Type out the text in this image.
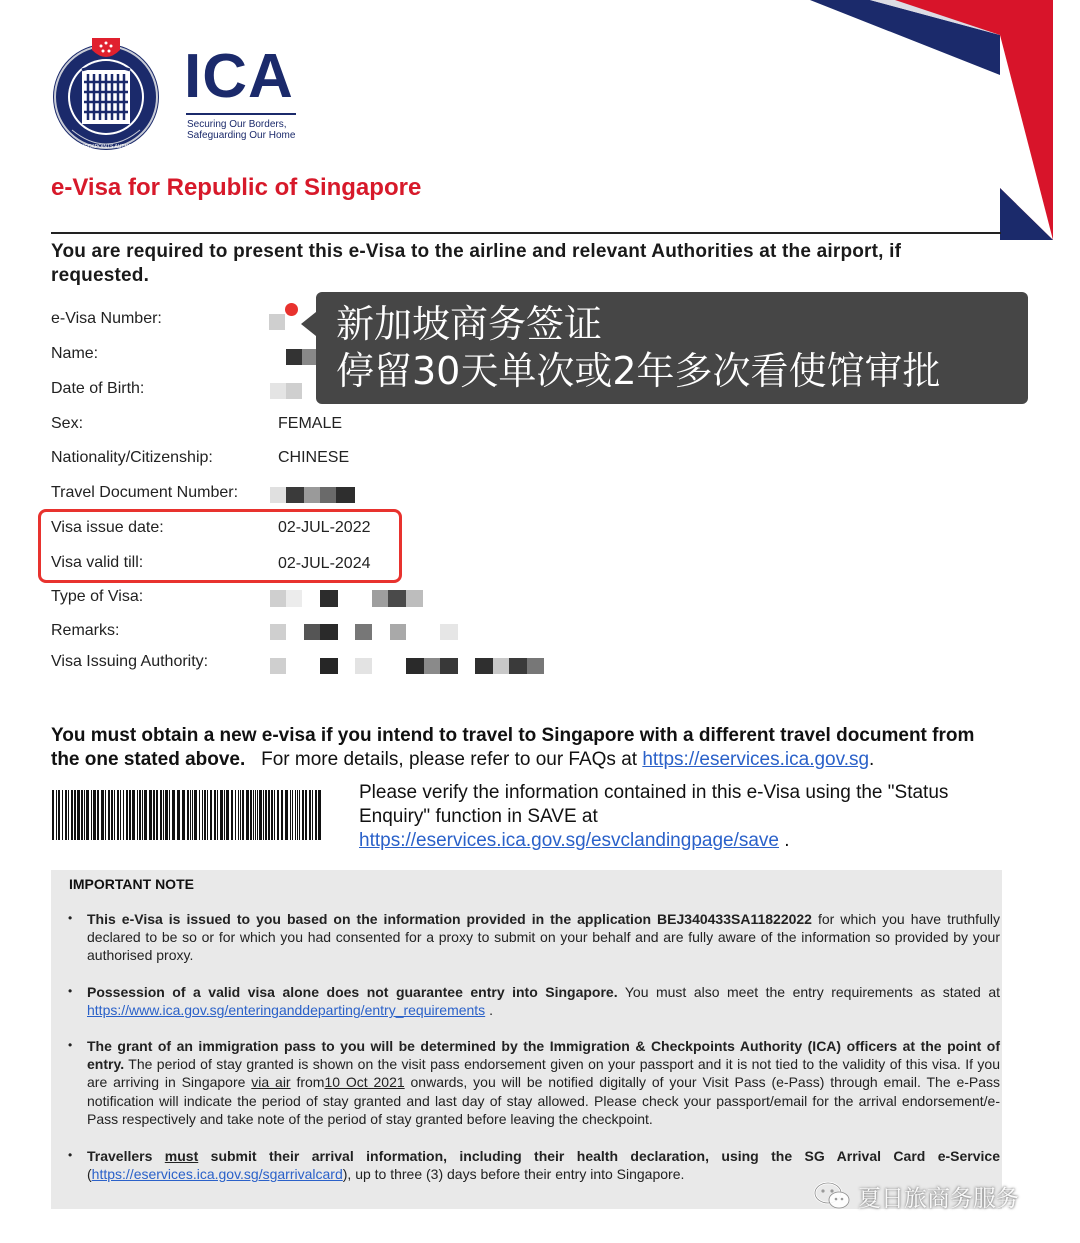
IMMIGRATION & CHECKPOINTS AUTHORITY SINGAPORE
ICA
Securing Our Borders,
Safeguarding Our Home
e-Visa for Republic of Singapore
You are required to present this e-Visa to the airline and relevant Authorities at the airport, if requested.
e-Visa Number:
Name:
Date of Birth:
Sex:	FEMALE
Nationality/Citizenship:	CHINESE
Travel Document Number:
Visa issue date:	02-JUL-2022
Visa valid till:	02-JUL-2024
Type of Visa:
Remarks:
Visa Issuing Authority:
新加坡商务签证
停留30天单次或2年多次看使馆审批
You must obtain a new e-visa if you intend to travel to Singapore with a different travel document from the one stated above. For more details, please refer to our FAQs at https://eservices.ica.gov.sg.
Please verify the information contained in this e-Visa using the "Status Enquiry" function in SAVE at
https://eservices.ica.gov.sg/esvclandingpage/save .
IMPORTANT NOTE
• This e-Visa is issued to you based on the information provided in the application BEJ340433SA11822022 for which you have truthfully declared to be so or for which you had consented for a proxy to submit on your behalf and are fully aware of the information so provided by your authorised proxy.
• Possession of a valid visa alone does not guarantee entry into Singapore. You must also meet the entry requirements as stated at https://www.ica.gov.sg/enteringanddeparting/entry_requirements .
• The grant of an immigration pass to you will be determined by the Immigration & Checkpoints Authority (ICA) officers at the point of entry. The period of stay granted is shown on the visit pass endorsement given on your passport and it is not tied to the validity of this visa. If you are arriving in Singapore via air from10 Oct 2021 onwards, you will be notified digitally of your Visit Pass (e-Pass) through email. The e-Pass notification will indicate the period of stay granted and last day of stay allowed. Please check your passport/email for the arrival endorsement/e-Pass respectively and take note of the period of stay granted before leaving the checkpoint.
• Travellers must submit their arrival information, including their health declaration, using the SG Arrival Card e-Service (https://eservices.ica.gov.sg/sgarrivalcard), up to three (3) days before their entry into Singapore.
夏日旅商务服务
